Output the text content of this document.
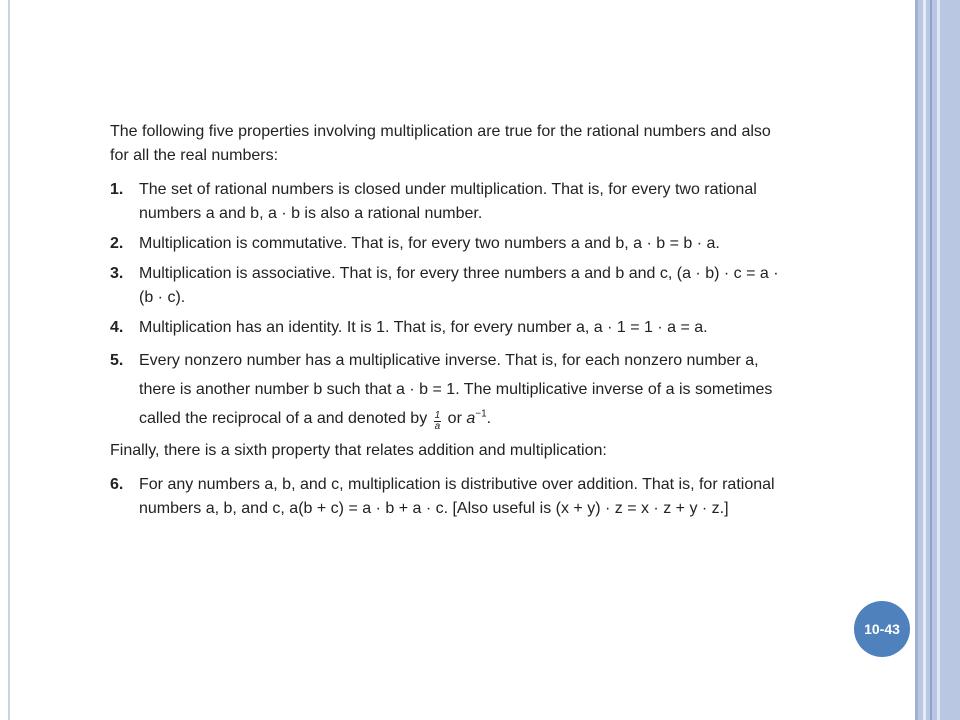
The following five properties involving multiplication are true for the rational numbers and also for all the real numbers:

1. The set of rational numbers is closed under multiplication. That is, for every two rational numbers a and b, a · b is also a rational number.
2. Multiplication is commutative. That is, for every two numbers a and b, a · b = b · a.
3. Multiplication is associative. That is, for every three numbers a and b and c, (a · b) · c = a · (b · c).
4. Multiplication has an identity. It is 1. That is, for every number a, a · 1 = 1 · a = a.
5. Every nonzero number has a multiplicative inverse. That is, for each nonzero number a, there is another number b such that a · b = 1. The multiplicative inverse of a is sometimes called the reciprocal of a and denoted by $\frac{1}{a}$ or $a^{-1}$.

Finally, there is a sixth property that relates addition and multiplication:

6. For any numbers a, b, and c, multiplication is distributive over addition. That is, for rational numbers a, b, and c, a(b + c) = a · b + a · c. [Also useful is (x + y) · z = x · z + y · z.]
10-43
